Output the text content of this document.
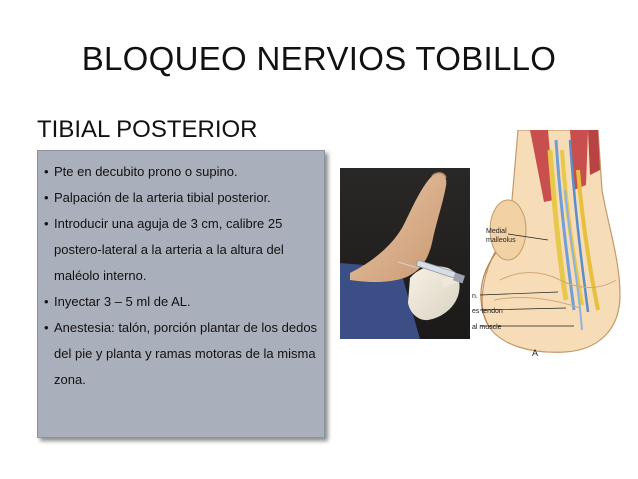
BLOQUEO NERVIOS TOBILLO
TIBIAL POSTERIOR
• Pte en decubito prono o supino.
• Palpación de la arteria tibial posterior.
• Introducir una aguja de 3 cm, calibre 25 postero-lateral a la arteria a la altura del maléolo interno.
• Inyectar 3 – 5 ml de AL.
• Anestesia: talón, porción plantar de los dedos del pie y planta y ramas motoras de la misma zona.
Medial
malleolus
n.
es tendon
al muscle
A
